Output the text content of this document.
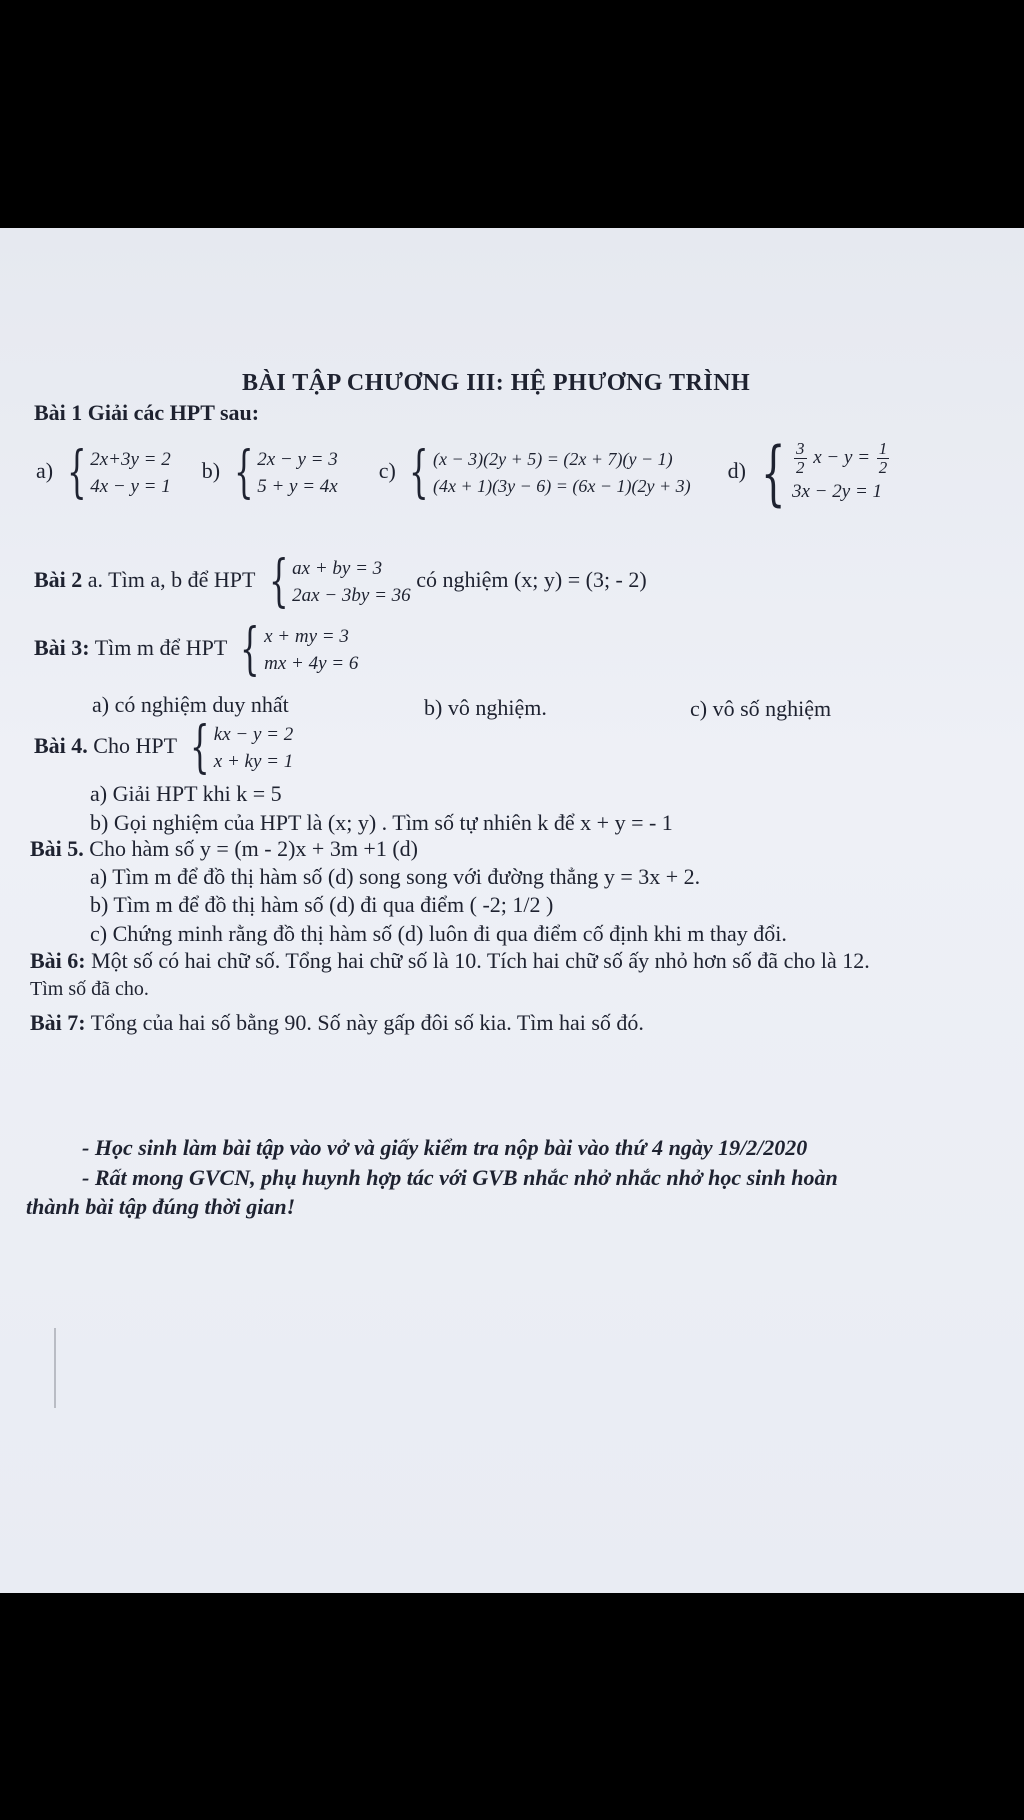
BÀI TẬP CHƯƠNG III: HỆ PHƯƠNG TRÌNH
Bài 1 Giải các HPT sau:
a) { 2x+3y = 2
4x − y = 1
b) { 2x − y = 3
5 + y = 4x
c) { (x − 3)(2y + 5) = (2x + 7)(y − 1)
(4x + 1)(3y − 6) = (6x − 1)(2y + 3)
d) { $\frac{3}{2}$ $x - y = \frac{1}{2}$
3x − 2y = 1
Bài 2 a. Tìm a, b để HPT { ax + by = 3
2ax − 3by = 36
có nghiệm (x; y) = (3; - 2)
Bài 3: Tìm m để HPT { x + my = 3
mx + 4y = 6
a) có nghiệm duy nhất	b) vô nghiệm.	c) vô số nghiệm
Bài 4. Cho HPT { kx − y = 2
x + ky = 1
a) Giải HPT khi k = 5
b) Gọi nghiệm của HPT là (x; y) . Tìm số tự nhiên k để x + y = - 1
Bài 5. Cho hàm số y = (m - 2)x + 3m +1 (d)
a) Tìm m để đồ thị hàm số (d) song song với đường thẳng y = 3x + 2.
b) Tìm m để đồ thị hàm số (d) đi qua điểm ( -2; 1/2 )
c) Chứng minh rằng đồ thị hàm số (d) luôn đi qua điểm cố định khi m thay đổi.
Bài 6: Một số có hai chữ số. Tổng hai chữ số là 10. Tích hai chữ số ấy nhỏ hơn số đã cho là 12.
Tìm số đã cho.
Bài 7: Tổng của hai số bằng 90. Số này gấp đôi số kia. Tìm hai số đó.
- Học sinh làm bài tập vào vở và giấy kiểm tra nộp bài vào thứ 4 ngày 19/2/2020
- Rất mong GVCN, phụ huynh hợp tác với GVB nhắc nhở nhắc nhở học sinh hoàn
thành bài tập đúng thời gian!
